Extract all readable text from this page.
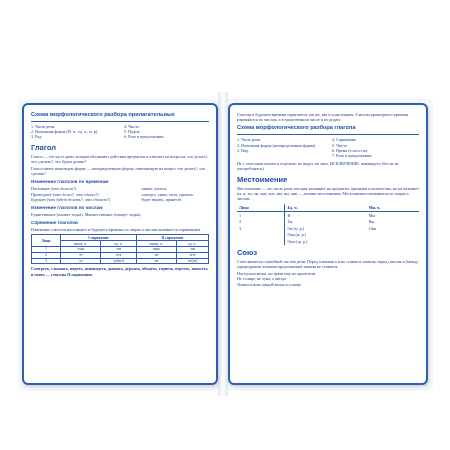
Схема морфологического разбора прилагательных
1. Часть речи.
2. Начальная форма (И. п., ед. ч., м. р).
3. Род.
4. Число.
5. Падеж.
6. Роль в предложении.
Глагол
Глагол — это часть речи, которая обозначает действия предметов и отвечает на вопросы: что делать?, что сделать?, что будем делать?
Глагол имеет начальную форму — неопределенную форму, отвечающую на вопрос что делать?, что сделать?
Изменение глаголов по временам
Настоящее (что делает?)	пишет, учится,
Прошедшее (что делал?, что сделал?)	смотрел, узнал, пела, пришла.
Будущее (что будет делать?, что сделает?)	будет верить, принесёт.
Изменение глаголов по числам
Единственное (плывет лодка). Множественное (плывут лодки).
Спряжение глаголов
Изменение глаголов настоящего и будущего времени по лицам и числам называется спряжением.
Лицо	I спряжение		II спряжение	
	множ. ч.	ед. ч.	множ. ч.	ед. ч.
1	-ешь	-ем	-ишь	-им
2	-ет	-ете	-ит	-ите
3	-ут	-ут(ют)	-ит	-ат(ят)
Смотреть, слышать, видеть, ненавидеть, дышать, держать, обидеть, терпеть, вертеть, зависеть и гнать — глаголы II спряжения.
Глаголы в будущем времени спрягаются так же, как и в настоящем. Глаголы прошедшего времени изменяются по числам, а в единственном числе и по родам.
Схема морфологического разбора глагола
1. Часть речи.
2. Начальная форма (неопределенная форма).
3. Вид.
4. Спряжение.
5. Число.
6. Время (если есть).
7. Роль в предложении.
Не с глаголами пишется отдельно: не видел, не знал. ИСКЛЮЧЕНИЕ: ненавидеть (без не не употребляется).
Местоимение
Местоимение — это часть речи, которая указывает на предметы, признаки и количество, но не называет их: я, ты, он, она, оно, мы, вы, они — личные местоимения. Местоимения изменяются по лицам и числам.
Лицо	Ед. ч.	Мн. ч.
1	Я	Мы
2	Ты	Вы
3	Он (м. р.)	Они
	Она (ж. р.)	
	Оно (ср. р.)	
Союз
Союз является служебной частью речи. Перед союзами а и но ставится запятая, перед союзом и (между однородными членами предложения) запятая не ставится.
Наступила весна, но грачи еще не прилетели.
Не солнце, не луна, а звезда.
Ложатся ночь грядой весна и солнце.
